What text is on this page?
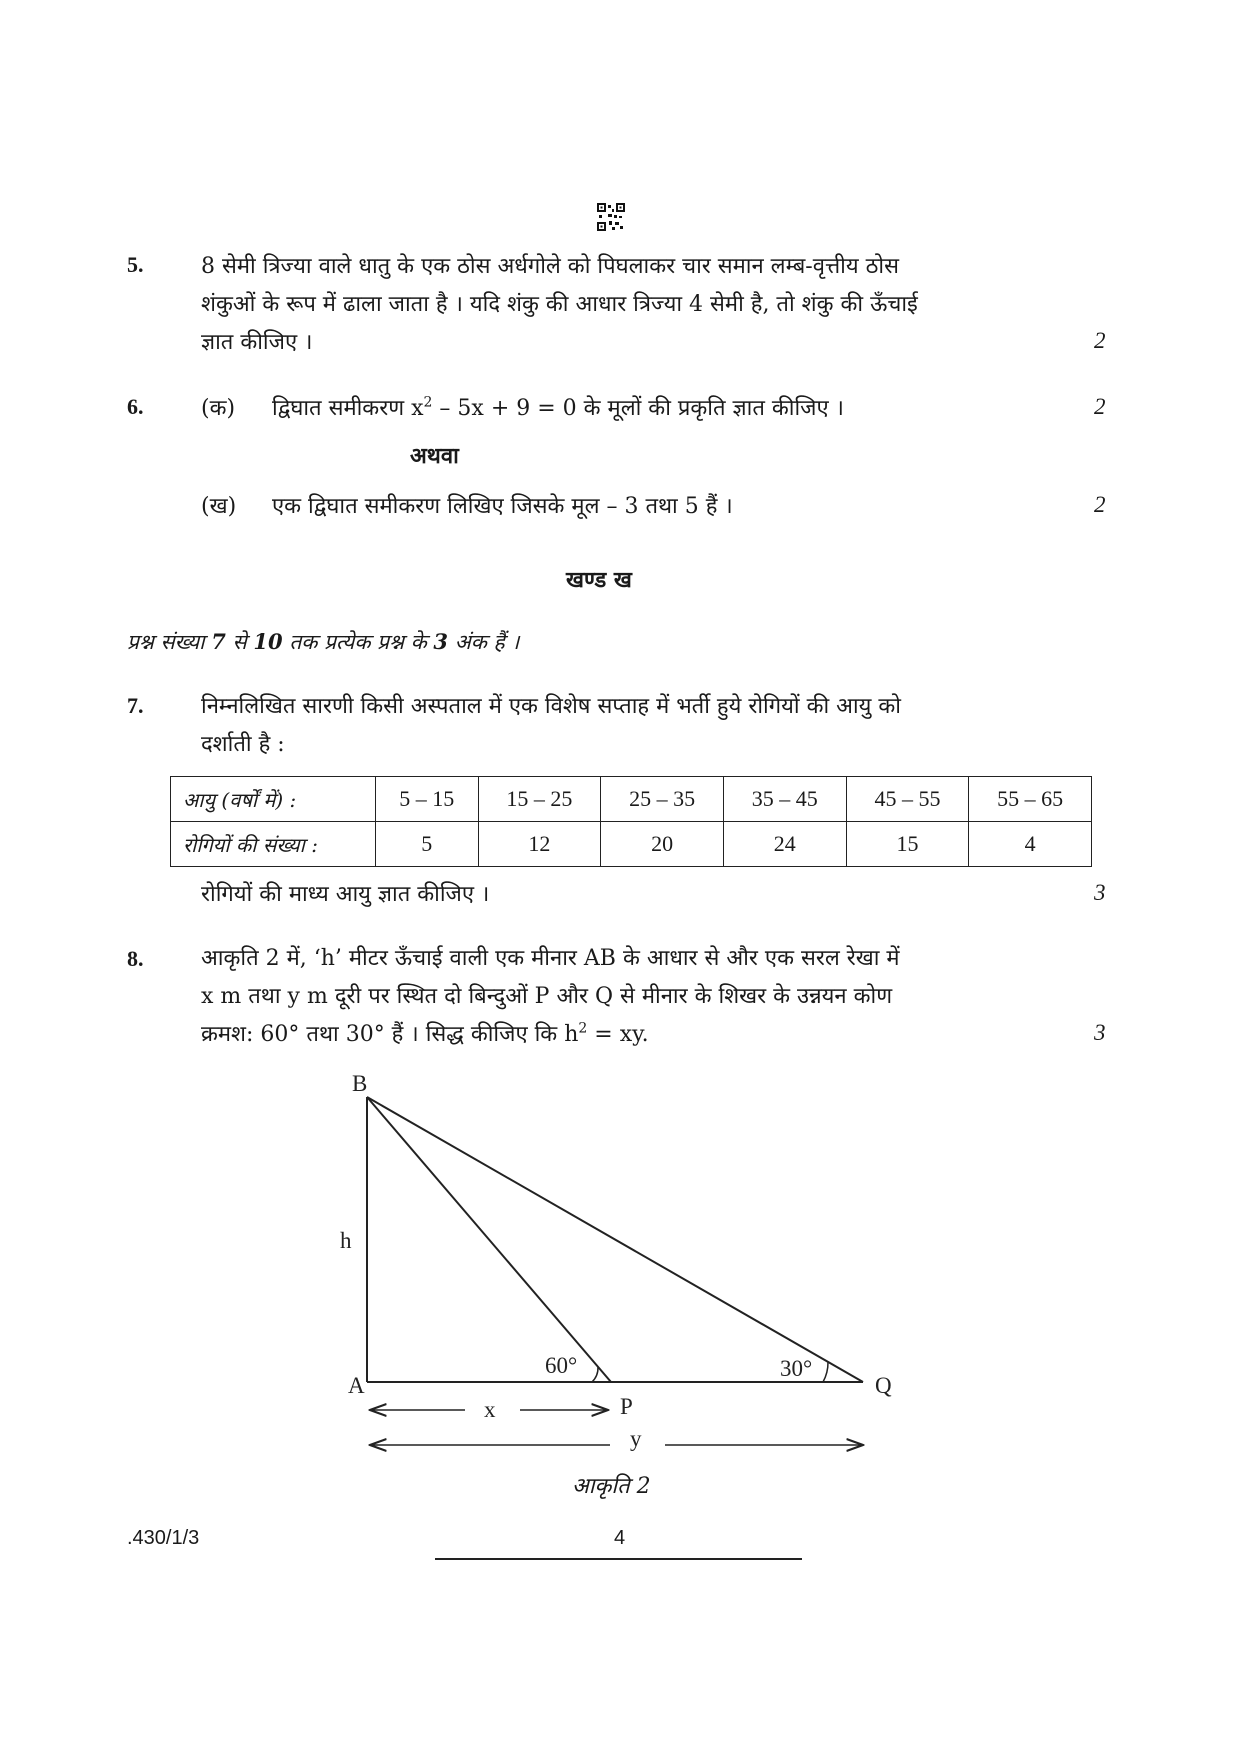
5.	8 सेमी त्रिज्या वाले धातु के एक ठोस अर्धगोले को पिघलाकर चार समान लम्ब-वृत्तीय ठोस
शंकुओं के रूप में ढाला जाता है । यदि शंकु की आधार त्रिज्या 4 सेमी है, तो शंकु की ऊँचाई
ज्ञात कीजिए ।	2
6.	(क) द्विघात समीकरण $x^2 - 5x + 9 = 0$ के मूलों की प्रकृति ज्ञात कीजिए ।	2
अथवा
(ख) एक द्विघात समीकरण लिखिए जिसके मूल – 3 तथा 5 हैं ।	2
खण्ड ख
प्रश्न संख्या 7 से 10 तक प्रत्येक प्रश्न के 3 अंक हैं ।
7.	निम्नलिखित सारणी किसी अस्पताल में एक विशेष सप्ताह में भर्ती हुये रोगियों की आयु को
दर्शाती है :
आयु (वर्षों में) :	5 – 15	15 – 25	25 – 35	35 – 45	45 – 55	55 – 65
रोगियों की संख्या :	5	12	20	24	15	4
रोगियों की माध्य आयु ज्ञात कीजिए ।	3
8.	आकृति 2 में, ‘h’ मीटर ऊँचाई वाली एक मीनार AB के आधार से और एक सरल रेखा में
x m तथा y m दूरी पर स्थित दो बिन्दुओं P और Q से मीनार के शिखर के उन्नयन कोण
क्रमश: 60° तथा 30° हैं । सिद्ध कीजिए कि $h^2$ = xy.	3
B
A
P
Q
h
x
y
60°	30°
आकृति 2
.430/1/3	4
